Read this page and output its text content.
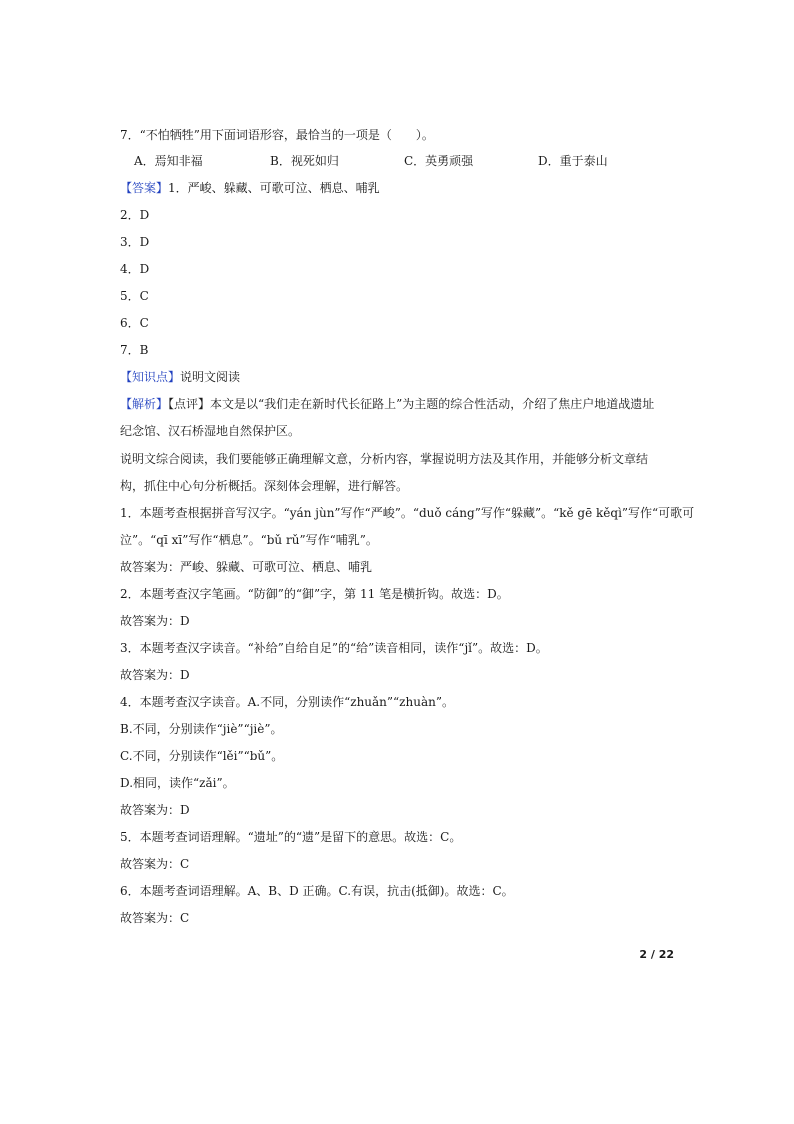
7．“不怕牺牲”用下面词语形容，最恰当的一项是（　　）。
A．焉知非福	B．视死如归	C．英勇顽强	D．重于泰山
【答案】1．严峻、躲藏、可歌可泣、栖息、哺乳
2．D
3．D
4．D
5．C
6．C
7．B
【知识点】说明文阅读
【解析】【点评】本文是以“我们走在新时代长征路上”为主题的综合性活动，介绍了焦庄户地道战遗址
纪念馆、汉石桥湿地自然保护区。
说明文综合阅读，我们要能够正确理解文意，分析内容，掌握说明方法及其作用，并能够分析文章结
构，抓住中心句分析概括。深刻体会理解，进行解答。
1．本题考查根据拼音写汉字。“yán jùn”写作“严峻”。“duǒ cáng”写作“躲藏”。“kě gē kěqì”写作“可歌可
泣”。“qī xī”写作“栖息”。“bǔ rǔ”写作“哺乳”。
故答案为：严峻、躲藏、可歌可泣、栖息、哺乳
2．本题考查汉字笔画。“防御”的“御”字，第 11 笔是横折钩。故选：D。
故答案为：D
3．本题考查汉字读音。“补给”自给自足”的“给”读音相同，读作“jǐ”。故选：D。
故答案为：D
4．本题考查汉字读音。A.不同，分别读作“zhuǎn”“zhuàn”。
B.不同，分别读作“jiè”“jiè”。
C.不同，分别读作“lěi”“bǔ”。
D.相同，读作“zǎi”。
故答案为：D
5．本题考查词语理解。“遗址”的“遗”是留下的意思。故选：C。
故答案为：C
6．本题考查词语理解。A、B、D 正确。C.有误，抗击(抵御)。故选：C。
故答案为：C
2 / 22
